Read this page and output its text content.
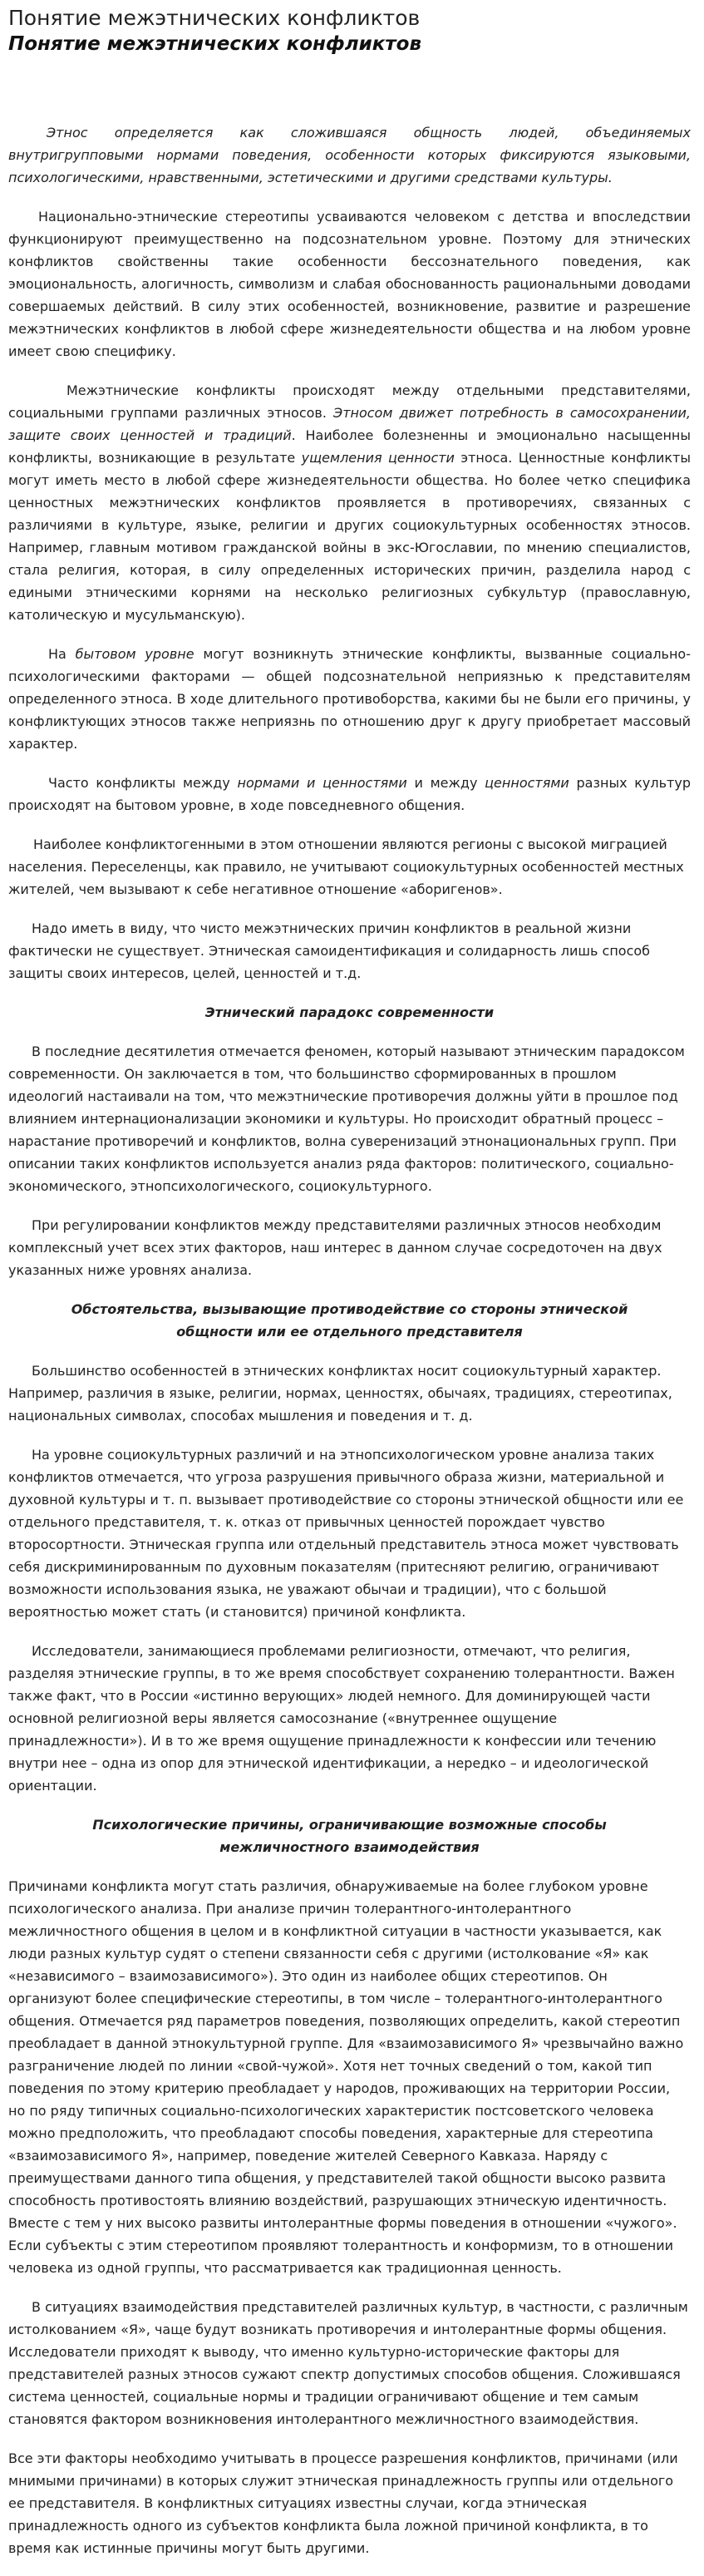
Понятие межэтнических конфликтов
Понятие межэтнических конфликтов

Этнос определяется как сложившаяся общность людей, объединяемых внутригрупповыми нормами поведения, особенности которых фиксируются языковыми, психологическими, нравственными, эстетическими и другими средствами культуры.

Национально-этнические стереотипы усваиваются человеком с детства и впоследствии функционируют преимущественно на подсознательном уровне. Поэтому для этнических конфликтов свойственны такие особенности бессознательного поведения, как эмоциональность, алогичность, символизм и слабая обоснованность рациональными доводами совершаемых действий. В силу этих особенностей, возникновение, развитие и разрешение межэтнических конфликтов в любой сфере жизнедеятельности общества и на любом уровне имеет свою специфику.

Межэтнические конфликты происходят между отдельными представителями, социальными группами различных этносов. Этносом движет потребность в самосохранении, защите своих ценностей и традиций. Наиболее болезненны и эмоционально насыщенны конфликты, возникающие в результате ущемления ценности этноса. Ценностные конфликты могут иметь место в любой сфере жизнедеятельности общества. Но более четко специфика ценностных межэтнических конфликтов проявляется в противоречиях, связанных с различиями в культуре, языке, религии и других социокультурных особенностях этносов. Например, главным мотивом гражданской войны в экс-Югославии, по мнению специалистов, стала религия, которая, в силу определенных исторических причин, разделила народ с едиными этническими корнями на несколько религиозных субкультур (православную, католическую и мусульманскую).

На бытовом уровне могут возникнуть этнические конфликты, вызванные социально-психологическими факторами — общей подсознательной неприязнью к представителям определенного этноса. В ходе длительного противоборства, какими бы не были его причины, у конфликтующих этносов также неприязнь по отношению друг к другу приобретает массовый характер.

Часто конфликты между нормами и ценностями и между ценностями разных культур происходят на бытовом уровне, в ходе повседневного общения.

Наиболее конфликтогенными в этом отношении являются регионы с высокой миграцией населения. Переселенцы, как правило, не учитывают социокультурных особенностей местных жителей, чем вызывают к себе негативное отношение «аборигенов».

Надо иметь в виду, что чисто межэтнических причин конфликтов в реальной жизни фактически не существует. Этническая самоидентификация и солидарность лишь способ защиты своих интересов, целей, ценностей и т.д.

Этнический парадокс современности

В последние десятилетия отмечается феномен, который называют этническим парадоксом современности. Он заключается в том, что большинство сформированных в прошлом идеологий настаивали на том, что межэтнические противоречия должны уйти в прошлое под влиянием интернационализации экономики и культуры. Но происходит обратный процесс – нарастание противоречий и конфликтов, волна суверенизаций этнонациональных групп. При описании таких конфликтов используется анализ ряда факторов: политического, социально-экономического, этнопсихологического, социокультурного.

При регулировании конфликтов между представителями различных этносов необходим комплексный учет всех этих факторов, наш интерес в данном случае сосредоточен на двух указанных ниже уровнях анализа.

Обстоятельства, вызывающие противодействие со стороны этнической общности или ее отдельного представителя

Большинство особенностей в этнических конфликтах носит социокультурный характер. Например, различия в языке, религии, нормах, ценностях, обычаях, традициях, стереотипах, национальных символах, способах мышления и поведения и т. д.

На уровне социокультурных различий и на этнопсихологическом уровне анализа таких конфликтов отмечается, что угроза разрушения привычного образа жизни, материальной и духовной культуры и т. п. вызывает противодействие со стороны этнической общности или ее отдельного представителя, т. к. отказ от привычных ценностей порождает чувство второсортности. Этническая группа или отдельный представитель этноса может чувствовать себя дискриминированным по духовным показателям (притесняют религию, ограничивают возможности использования языка, не уважают обычаи и традиции), что с большой вероятностью может стать (и становится) причиной конфликта.

Исследователи, занимающиеся проблемами религиозности, отмечают, что религия, разделяя этнические группы, в то же время способствует сохранению толерантности. Важен также факт, что в России «истинно верующих» людей немного. Для доминирующей части основной религиозной веры является самосознание («внутреннее ощущение принадлежности»). И в то же время ощущение принадлежности к конфессии или течению внутри нее – одна из опор для этнической идентификации, а нередко – и идеологической ориентации.

Психологические причины, ограничивающие возможные способы межличностного взаимодействия

Причинами конфликта могут стать различия, обнаруживаемые на более глубоком уровне психологического анализа. При анализе причин толерантного-интолерантного межличностного общения в целом и в конфликтной ситуации в частности указывается, как люди разных культур судят о степени связанности себя с другими (истолкование «Я» как «независимого – взаимозависимого»). Это один из наиболее общих стереотипов. Он организуют более специфические стереотипы, в том числе – толерантного-интолерантного общения. Отмечается ряд параметров поведения, позволяющих определить, какой стереотип преобладает в данной этнокультурной группе. Для «взаимозависимого Я» чрезвычайно важно разграничение людей по линии «свой-чужой». Хотя нет точных сведений о том, какой тип поведения по этому критерию преобладает у народов, проживающих на территории России, но по ряду типичных социально-психологических характеристик постсоветского человека можно предположить, что преобладают способы поведения, характерные для стереотипа «взаимозависимого Я», например, поведение жителей Северного Кавказа. Наряду с преимуществами данного типа общения, у представителей такой общности высоко развита способность противостоять влиянию воздействий, разрушающих этническую идентичность. Вместе с тем у них высоко развиты интолерантные формы поведения в отношении «чужого». Если субъекты с этим стереотипом проявляют толерантность и конформизм, то в отношении человека из одной группы, что рассматривается как традиционная ценность.

В ситуациях взаимодействия представителей различных культур, в частности, с различным истолкованием «Я», чаще будут возникать противоречия и интолерантные формы общения. Исследователи приходят к выводу, что именно культурно-исторические факторы для представителей разных этносов сужают спектр допустимых способов общения. Сложившаяся система ценностей, социальные нормы и традиции ограничивают общение и тем самым становятся фактором возникновения интолерантного межличностного взаимодействия.

Все эти факторы необходимо учитывать в процессе разрешения конфликтов, причинами (или мнимыми причинами) в которых служит этническая принадлежность группы или отдельного ее представителя. В конфликтных ситуациях известны случаи, когда этническая принадлежность одного из субъектов конфликта была ложной причиной конфликта, в то время как истинные причины могут быть другими.
